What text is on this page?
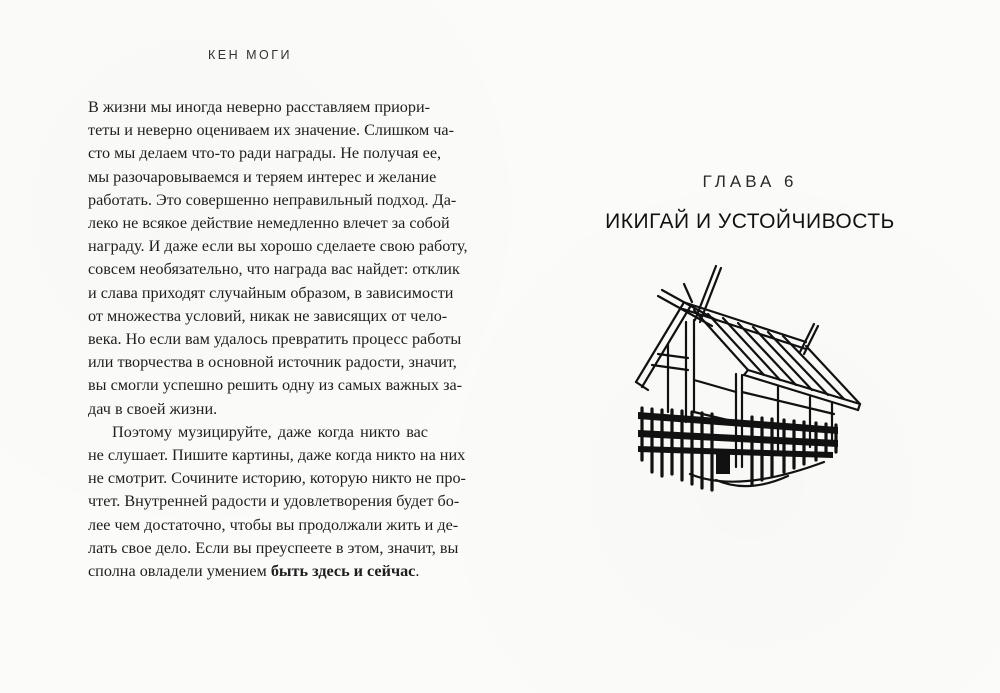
КЕН МОГИ

В жизни мы иногда неверно расставляем приори-
теты и неверно оцениваем их значение. Слишком ча-
сто мы делаем что-то ради награды. Не получая ее,
мы разочаровываемся и теряем интерес и желание
работать. Это совершенно неправильный подход. Да-
леко не всякое действие немедленно влечет за собой
награду. И даже если вы хорошо сделаете свою работу,
совсем необязательно, что награда вас найдет: отклик
и слава приходят случайным образом, в зависимости
от множества условий, никак не зависящих от чело-
века. Но если вам удалось превратить процесс работы
или творчества в основной источник радости, значит,
вы смогли успешно решить одну из самых важных за-
дач в своей жизни.

Поэтому музицируйте, даже когда никто вас
не слушает. Пишите картины, даже когда никто на них
не смотрит. Сочините историю, которую никто не про-
чтет. Внутренней радости и удовлетворения будет бо-
лее чем достаточно, чтобы вы продолжали жить и де-
лать свое дело. Если вы преуспеете в этом, значит, вы
сполна овладели умением быть здесь и сейчас.

ГЛАВА 6
ИКИГАЙ И УСТОЙЧИВОСТЬ
